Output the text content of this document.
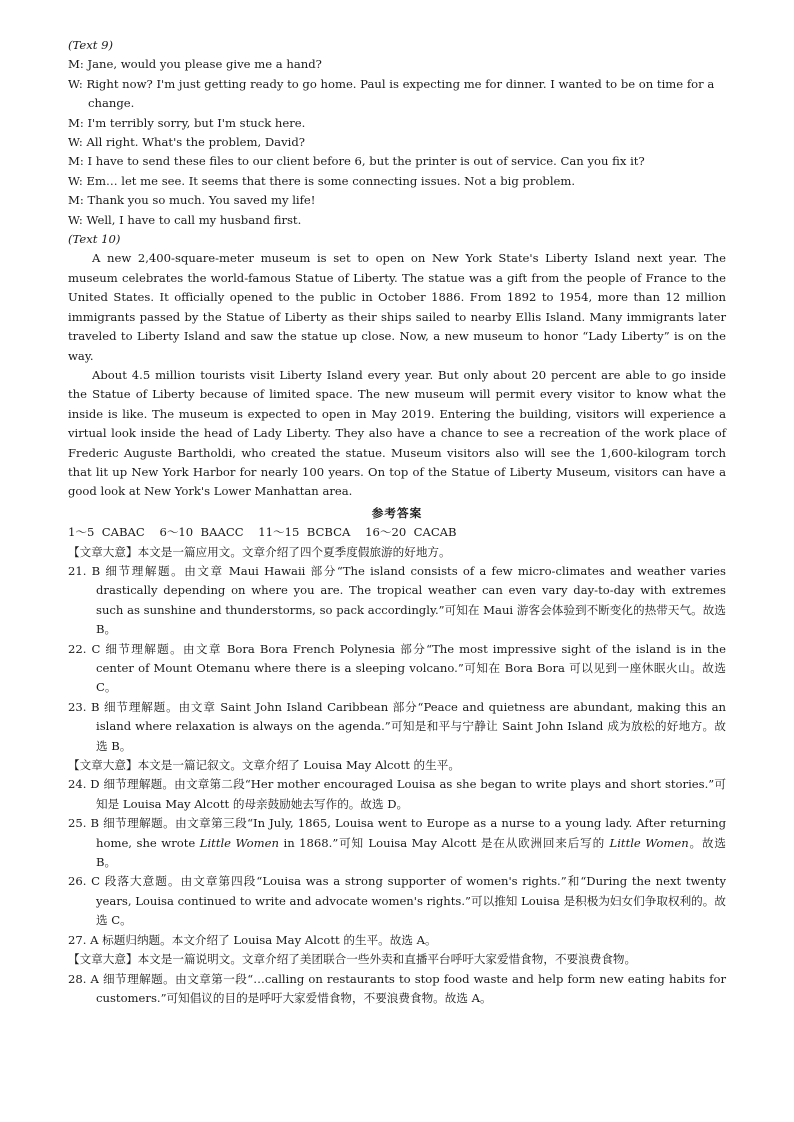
(Text 9)

M: Jane, would you please give me a hand?
W: Right now? I'm just getting ready to go home. Paul is expecting me for dinner. I wanted to be on time for a change.
M: I'm terribly sorry, but I'm stuck here.
W: All right. What's the problem, David?
M: I have to send these files to our client before 6, but the printer is out of service. Can you fix it?
W: Em… let me see. It seems that there is some connecting issues. Not a big problem.
M: Thank you so much. You saved my life!
W: Well, I have to call my husband first.

(Text 10)

A new 2,400-square-meter museum is set to open on New York State's Liberty Island next year. The museum celebrates the world-famous Statue of Liberty. The statue was a gift from the people of France to the United States. It officially opened to the public in October 1886. From 1892 to 1954, more than 12 million immigrants passed by the Statue of Liberty as their ships sailed to nearby Ellis Island. Many immigrants later traveled to Liberty Island and saw the statue up close. Now, a new museum to honor “Lady Liberty” is on the way.

About 4.5 million tourists visit Liberty Island every year. But only about 20 percent are able to go inside the Statue of Liberty because of limited space. The new museum will permit every visitor to know what the inside is like. The museum is expected to open in May 2019. Entering the building, visitors will experience a virtual look inside the head of Lady Liberty. They also have a chance to see a recreation of the work place of Frederic Auguste Bartholdi, who created the statue. Museum visitors also will see the 1,600-kilogram torch that lit up New York Harbor for nearly 100 years. On top of the Statue of Liberty Museum, visitors can have a good look at New York's Lower Manhattan area.

参考答案

1～5  CABAC    6～10  BAACC    11～15  BCBCA    16～20  CACAB

【文章大意】本文是一篇应用文。文章介绍了四个夏季度假旅游的好地方。

21. B 细节理解题。由文章 Maui Hawaii 部分“The island consists of a few micro-climates and weather varies drastically depending on where you are. The tropical weather can even vary day-to-day with extremes such as sunshine and thunderstorms, so pack accordingly.”可知在 Maui 游客会体验到不断变化的热带天气。故选 B。

22. C 细节理解题。由文章 Bora Bora French Polynesia 部分“The most impressive sight of the island is in the center of Mount Otemanu where there is a sleeping volcano.”可知在 Bora Bora 可以见到一座休眠火山。故选 C。

23. B 细节理解题。由文章 Saint John Island Caribbean 部分“Peace and quietness are abundant, making this an island where relaxation is always on the agenda.”可知是和平与宁静让 Saint John Island 成为放松的好地方。故选 B。

【文章大意】本文是一篇记叙文。文章介绍了 Louisa May Alcott 的生平。

24. D 细节理解题。由文章第二段“Her mother encouraged Louisa as she began to write plays and short stories.”可知是 Louisa May Alcott 的母亲鼓励她去写作的。故选 D。

25. B 细节理解题。由文章第三段“In July, 1865, Louisa went to Europe as a nurse to a young lady. After returning home, she wrote Little Women in 1868.”可知 Louisa May Alcott 是在从欧洲回来后写的 Little Women。故选 B。

26. C 段落大意题。由文章第四段“Louisa was a strong supporter of women's rights.”和“During the next twenty years, Louisa continued to write and advocate women's rights.”可以推知 Louisa 是积极为妇女们争取权利的。故选 C。

27. A 标题归纳题。本文介绍了 Louisa May Alcott 的生平。故选 A。

【文章大意】本文是一篇说明文。文章介绍了美团联合一些外卖和直播平台呼吁大家爱惜食物，不要浪费食物。

28. A 细节理解题。由文章第一段“…calling on restaurants to stop food waste and help form new eating habits for customers.”可知倡议的目的是呼吁大家爱惜食物，不要浪费食物。故选 A。
